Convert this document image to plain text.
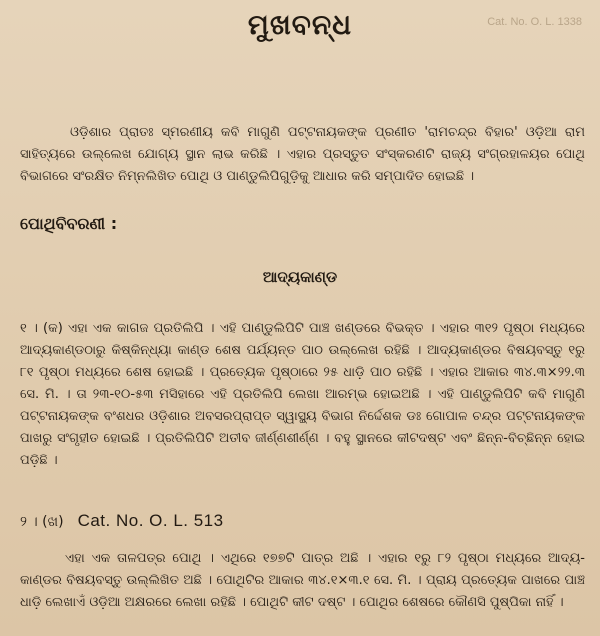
Cat. No. O. L. 1338
ମୁଖବନ୍ଧ
ଓଡ଼ିଶାର ପ୍ରାତଃ ସ୍ମରଣୀୟ କବି ମାଗୁଣି ପଟ୍ଟନାୟକଙ୍କ ପ୍ରଣୀତ 'ରାମଚନ୍ଦ୍ର ବିହାର' ଓଡ଼ିଆ ରାମ ସାହିତ୍ୟରେ ଉଲ୍ଲେଖ ଯୋଗ୍ୟ ସ୍ଥାନ ଲାଭ କରିଛି । ଏହାର ପ୍ରସ୍ତୁତ ସଂସ୍କରଣଟି ରାଜ୍ୟ ସଂଗ୍ରହାଳୟର ପୋଥି ବିଭାଗରେ ସଂରକ୍ଷିତ ନିମ୍ନଲିଖିତ ପୋଥି ଓ ପାଣ୍ଡୁଲିପିଗୁଡ଼ିକୁ ଆଧାର କରି ସମ୍ପାଦିତ ହୋଇଛି ।
ପୋଥିବିବରଣୀ :
ଆଦ୍ୟକାଣ୍ଡ
୧ । (କ) ଏହା ଏକ କାଗଜ ପ୍ରତିଲିପି । ଏହି ପାଣ୍ଡୁଲିପିଟି ପାଞ୍ଚ ଖଣ୍ଡରେ ବିଭକ୍ତ । ଏହାର ୩୧୨ ପୃଷ୍ଠା ମଧ୍ୟରେ ଆଦ୍ୟକାଣ୍ଡଠାରୁ କିଷ୍କିନ୍ଧ୍ୟା କାଣ୍ଡ ଶେଷ ପର୍ଯ୍ୟନ୍ତ ପାଠ ଉଲ୍ଲେଖ ରହିଛି । ଆଦ୍ୟକାଣ୍ଡର ବିଷୟବସ୍ତୁ ୧ରୁ ୮୧ ପୃଷ୍ଠା ମଧ୍ୟରେ ଶେଷ ହୋଇଛି । ପ୍ରତ୍ୟେକ ପୃଷ୍ଠାରେ ୨୫ ଧାଡ଼ି ପାଠ ରହିଛି । ଏହାର ଆକାର ୩୪.୩×୨୨.୩ ସେ. ମି. । ତା ୨୩-୧୦-୫୩ ମସିହାରେ ଏହି ପ୍ରତିଲିପି ଲେଖା ଆରମ୍ଭ ହୋଇଅଛି । ଏହି ପାଣ୍ଡୁଲିପିଟି କବି ମାଗୁଣି ପଟ୍ଟନାୟକଙ୍କ ବଂଶଧର ଓଡ଼ିଶାର ଅବସରପ୍ରାପ୍ତ ସ୍ୱାସ୍ଥ୍ୟ ବିଭାଗ ନିର୍ଦ୍ଦେଶକ ଡଃ ଗୋପାଳ ଚନ୍ଦ୍ର ପଟ୍ଟନାୟକଙ୍କ ପାଖରୁ ସଂଗୃହୀତ ହୋଇଛି । ପ୍ରତିଲିପିଟି ଅତୀବ ଜୀର୍ଣ୍ଣଶୀର୍ଣ୍ଣ । ବହୁ ସ୍ଥାନରେ କୀଟଦଷ୍ଟ ଏବଂ ଛିନ୍ନ-ବିଚ୍ଛିନ୍ନ ହୋଇ ପଡ଼ିଛି ।
୨ । (ଖ) Cat. No. O. L. 513
ଏହା ଏକ ତାଳପତ୍ର ପୋଥି । ଏଥିରେ ୧୭୭ଟି ପାତ୍ର ଅଛି । ଏହାର ୧ରୁ ୮୨ ପୃଷ୍ଠା ମଧ୍ୟରେ ଆଦ୍ୟ-କାଣ୍ଡର ବିଷୟବସ୍ତୁ ଉଲ୍ଲିଖିତ ଅଛି । ପୋଥିଟିର ଆକାର ୩୪.୧×୩.୧ ସେ. ମି. । ପ୍ରାୟ ପ୍ରତ୍ୟେକ ପାଖରେ ପାଞ୍ଚ ଧାଡ଼ି ଲେଖାଏଁ ଓଡ଼ିଆ ଅକ୍ଷରରେ ଲେଖା ରହିଛି । ପୋଥିଟି କୀଟ ଦଷ୍ଟ । ପୋଥିର ଶେଷରେ କୌଣସି ପୁଷ୍ପିକା ନାହିଁ ।
